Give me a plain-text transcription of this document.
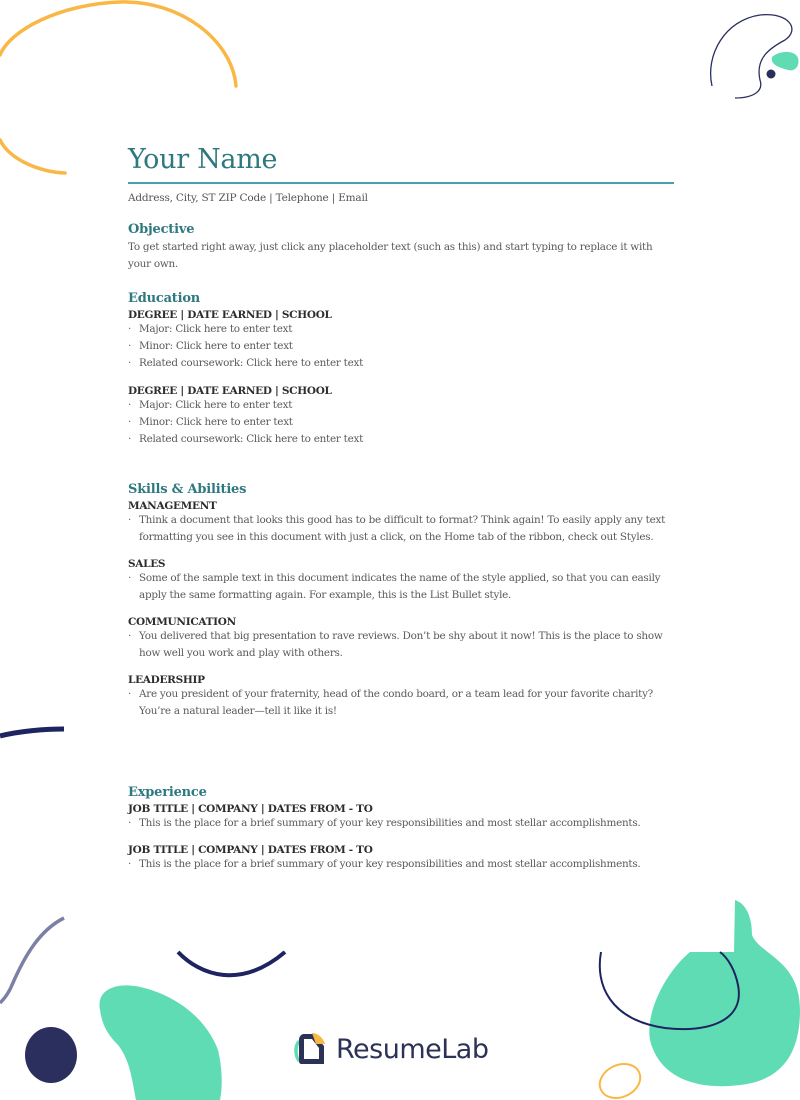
Your Name
Address, City, ST ZIP Code | Telephone | Email
Objective
To get started right away, just click any placeholder text (such as this) and start typing to replace it with your own.
Education
DEGREE | DATE EARNED | SCHOOL
· Major: Click here to enter text
· Minor: Click here to enter text
· Related coursework: Click here to enter text
DEGREE | DATE EARNED | SCHOOL
· Major: Click here to enter text
· Minor: Click here to enter text
· Related coursework: Click here to enter text
Skills & Abilities
MANAGEMENT
· Think a document that looks this good has to be difficult to format? Think again! To easily apply any text formatting you see in this document with just a click, on the Home tab of the ribbon, check out Styles.
SALES
· Some of the sample text in this document indicates the name of the style applied, so that you can easily apply the same formatting again. For example, this is the List Bullet style.
COMMUNICATION
· You delivered that big presentation to rave reviews. Don’t be shy about it now! This is the place to show how well you work and play with others.
LEADERSHIP
· Are you president of your fraternity, head of the condo board, or a team lead for your favorite charity? You’re a natural leader—tell it like it is!
Experience
JOB TITLE | COMPANY | DATES FROM - TO
· This is the place for a brief summary of your key responsibilities and most stellar accomplishments.
JOB TITLE | COMPANY | DATES FROM - TO
· This is the place for a brief summary of your key responsibilities and most stellar accomplishments.
ResumeLab
